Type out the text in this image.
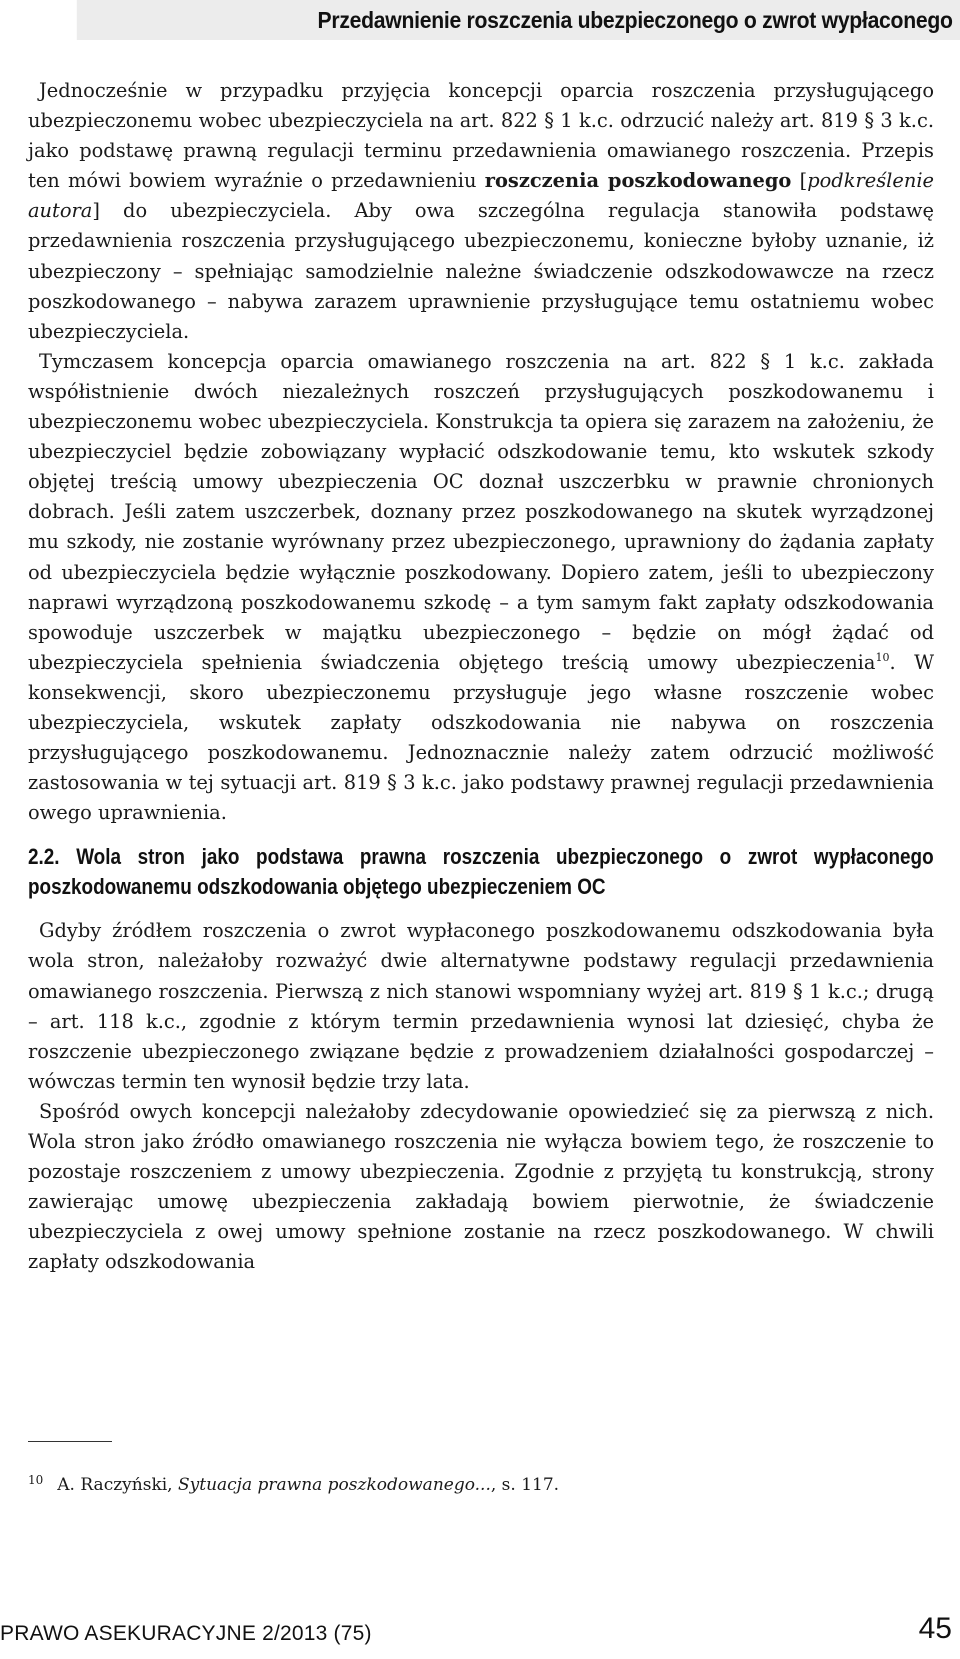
Przedawnienie roszczenia ubezpieczonego o zwrot wypłaconego

Jednocześnie w przypadku przyjęcia koncepcji oparcia roszczenia przysługującego ubezpieczonemu wobec ubezpieczyciela na art. 822 § 1 k.c. odrzucić należy art. 819 § 3 k.c. jako podstawę prawną regulacji terminu przedawnienia omawianego roszczenia. Przepis ten mówi bowiem wyraźnie o przedawnieniu roszczenia poszkodowanego [podkreślenie autora] do ubezpieczyciela. Aby owa szczególna regulacja stanowiła podstawę przedawnienia roszczenia przysługującego ubezpieczonemu, konieczne byłoby uznanie, iż ubezpieczony – spełniając samodzielnie należne świadczenie odszkodowawcze na rzecz poszkodowanego – nabywa zarazem uprawnienie przysługujące temu ostatniemu wobec ubezpieczyciela.

Tymczasem koncepcja oparcia omawianego roszczenia na art. 822 § 1 k.c. zakłada współistnienie dwóch niezależnych roszczeń przysługujących poszkodowanemu i ubezpieczonemu wobec ubezpieczyciela. Konstrukcja ta opiera się zarazem na założeniu, że ubezpieczyciel będzie zobowiązany wypłacić odszkodowanie temu, kto wskutek szkody objętej treścią umowy ubezpieczenia OC doznał uszczerbku w prawnie chronionych dobrach. Jeśli zatem uszczerbek, doznany przez poszkodowanego na skutek wyrządzonej mu szkody, nie zostanie wyrównany przez ubezpieczonego, uprawniony do żądania zapłaty od ubezpieczyciela będzie wyłącznie poszkodowany. Dopiero zatem, jeśli to ubezpieczony naprawi wyrządzoną poszkodowanemu szkodę – a tym samym fakt zapłaty odszkodowania spowoduje uszczerbek w majątku ubezpieczonego – będzie on mógł żądać od ubezpieczyciela spełnienia świadczenia objętego treścią umowy ubezpieczenia$^{10}$. W konsekwencji, skoro ubezpieczonemu przysługuje jego własne roszczenie wobec ubezpieczyciela, wskutek zapłaty odszkodowania nie nabywa on roszczenia przysługującego poszkodowanemu. Jednoznacznie należy zatem odrzucić możliwość zastosowania w tej sytuacji art. 819 § 3 k.c. jako podstawy prawnej regulacji przedawnienia owego uprawnienia.

2.2. Wola stron jako podstawa prawna roszczenia ubezpieczonego o zwrot wypłaconego poszkodowanemu odszkodowania objętego ubezpieczeniem OC

Gdyby źródłem roszczenia o zwrot wypłaconego poszkodowanemu odszkodowania była wola stron, należałoby rozważyć dwie alternatywne podstawy regulacji przedawnienia omawianego roszczenia. Pierwszą z nich stanowi wspomniany wyżej art. 819 § 1 k.c.; drugą – art. 118 k.c., zgodnie z którym termin przedawnienia wynosi lat dziesięć, chyba że roszczenie ubezpieczonego związane będzie z prowadzeniem działalności gospodarczej – wówczas termin ten wynosił będzie trzy lata.

Spośród owych koncepcji należałoby zdecydowanie opowiedzieć się za pierwszą z nich. Wola stron jako źródło omawianego roszczenia nie wyłącza bowiem tego, że roszczenie to pozostaje roszczeniem z umowy ubezpieczenia. Zgodnie z przyjętą tu konstrukcją, strony zawierając umowę ubezpieczenia zakładają bowiem pierwotnie, że świadczenie ubezpieczyciela z owej umowy spełnione zostanie na rzecz poszkodowanego. W chwili zapłaty odszkodowania

$^{10}$ A. Raczyński, Sytuacja prawna poszkodowanego..., s. 117.
PRAWO ASEKURACYJNE 2/2013 (75)	45
